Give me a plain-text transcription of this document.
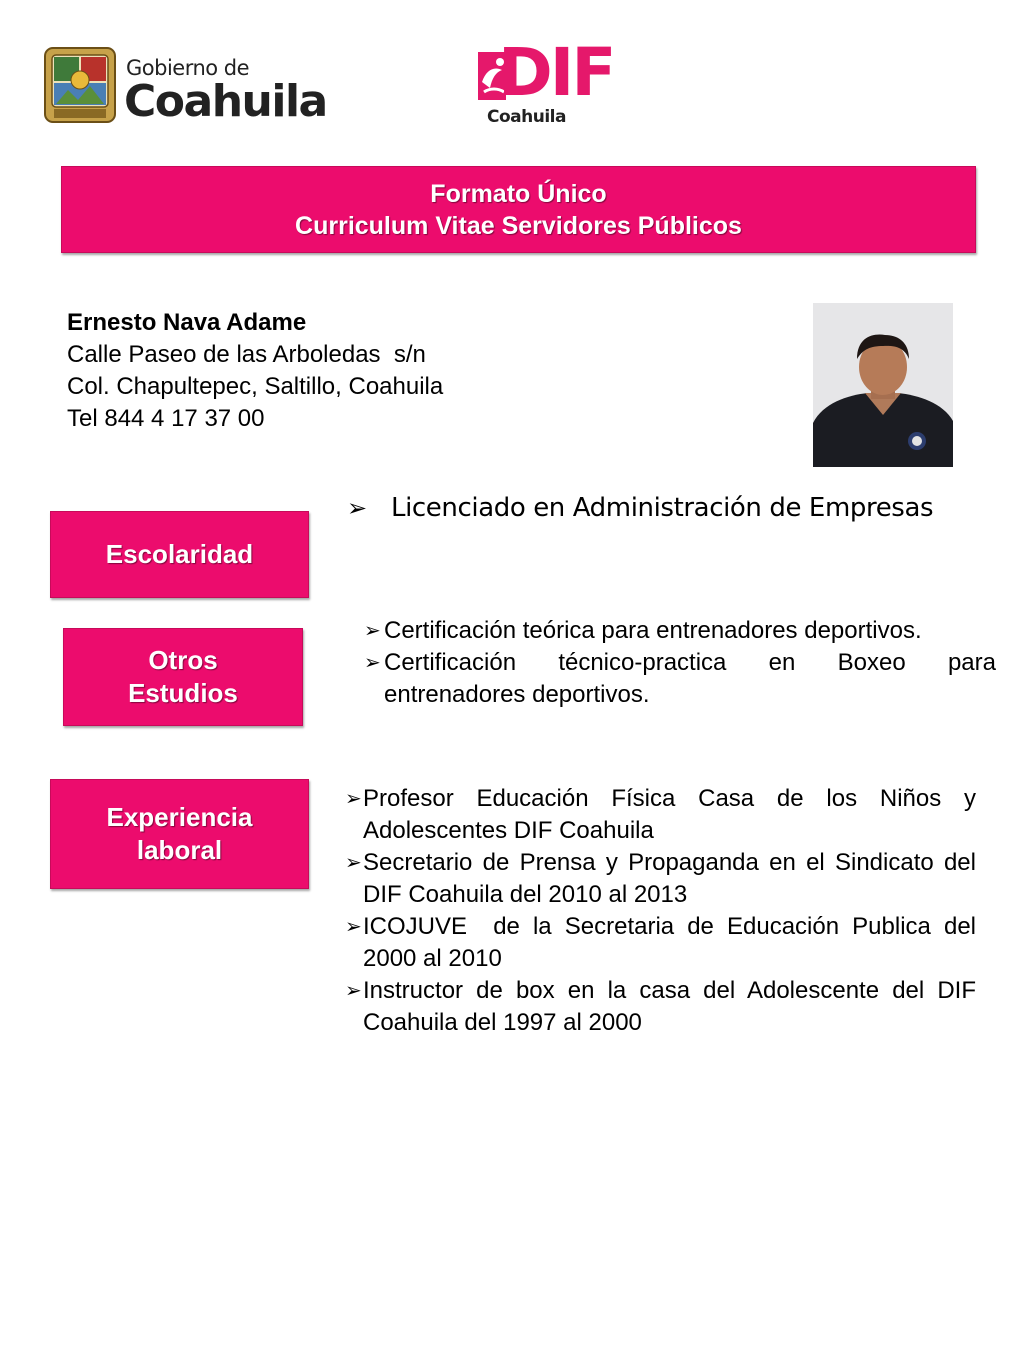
Gobierno de
Coahuila	DIF
Coahuila
Formato Único
Curriculum Vitae Servidores Públicos
Ernesto Nava Adame
Calle Paseo de las Arboledas  s/n
Col. Chapultepec, Saltillo, Coahuila
Tel 844 4 17 37 00
Escolaridad
➢ Licenciado en Administración de Empresas
Otros
Estudios
➢ Certificación teórica para entrenadores deportivos.
➢ Certificación técnico-practica en Boxeo para entrenadores deportivos.
Experiencia
laboral
➢ Profesor Educación Física Casa de los Niños y Adolescentes DIF Coahuila
➢ Secretario de Prensa y Propaganda en el Sindicato del DIF Coahuila del 2010 al 2013
➢ ICOJUVE  de la Secretaria de Educación Publica del 2000 al 2010
➢ Instructor de box en la casa del Adolescente del DIF Coahuila del 1997 al 2000
